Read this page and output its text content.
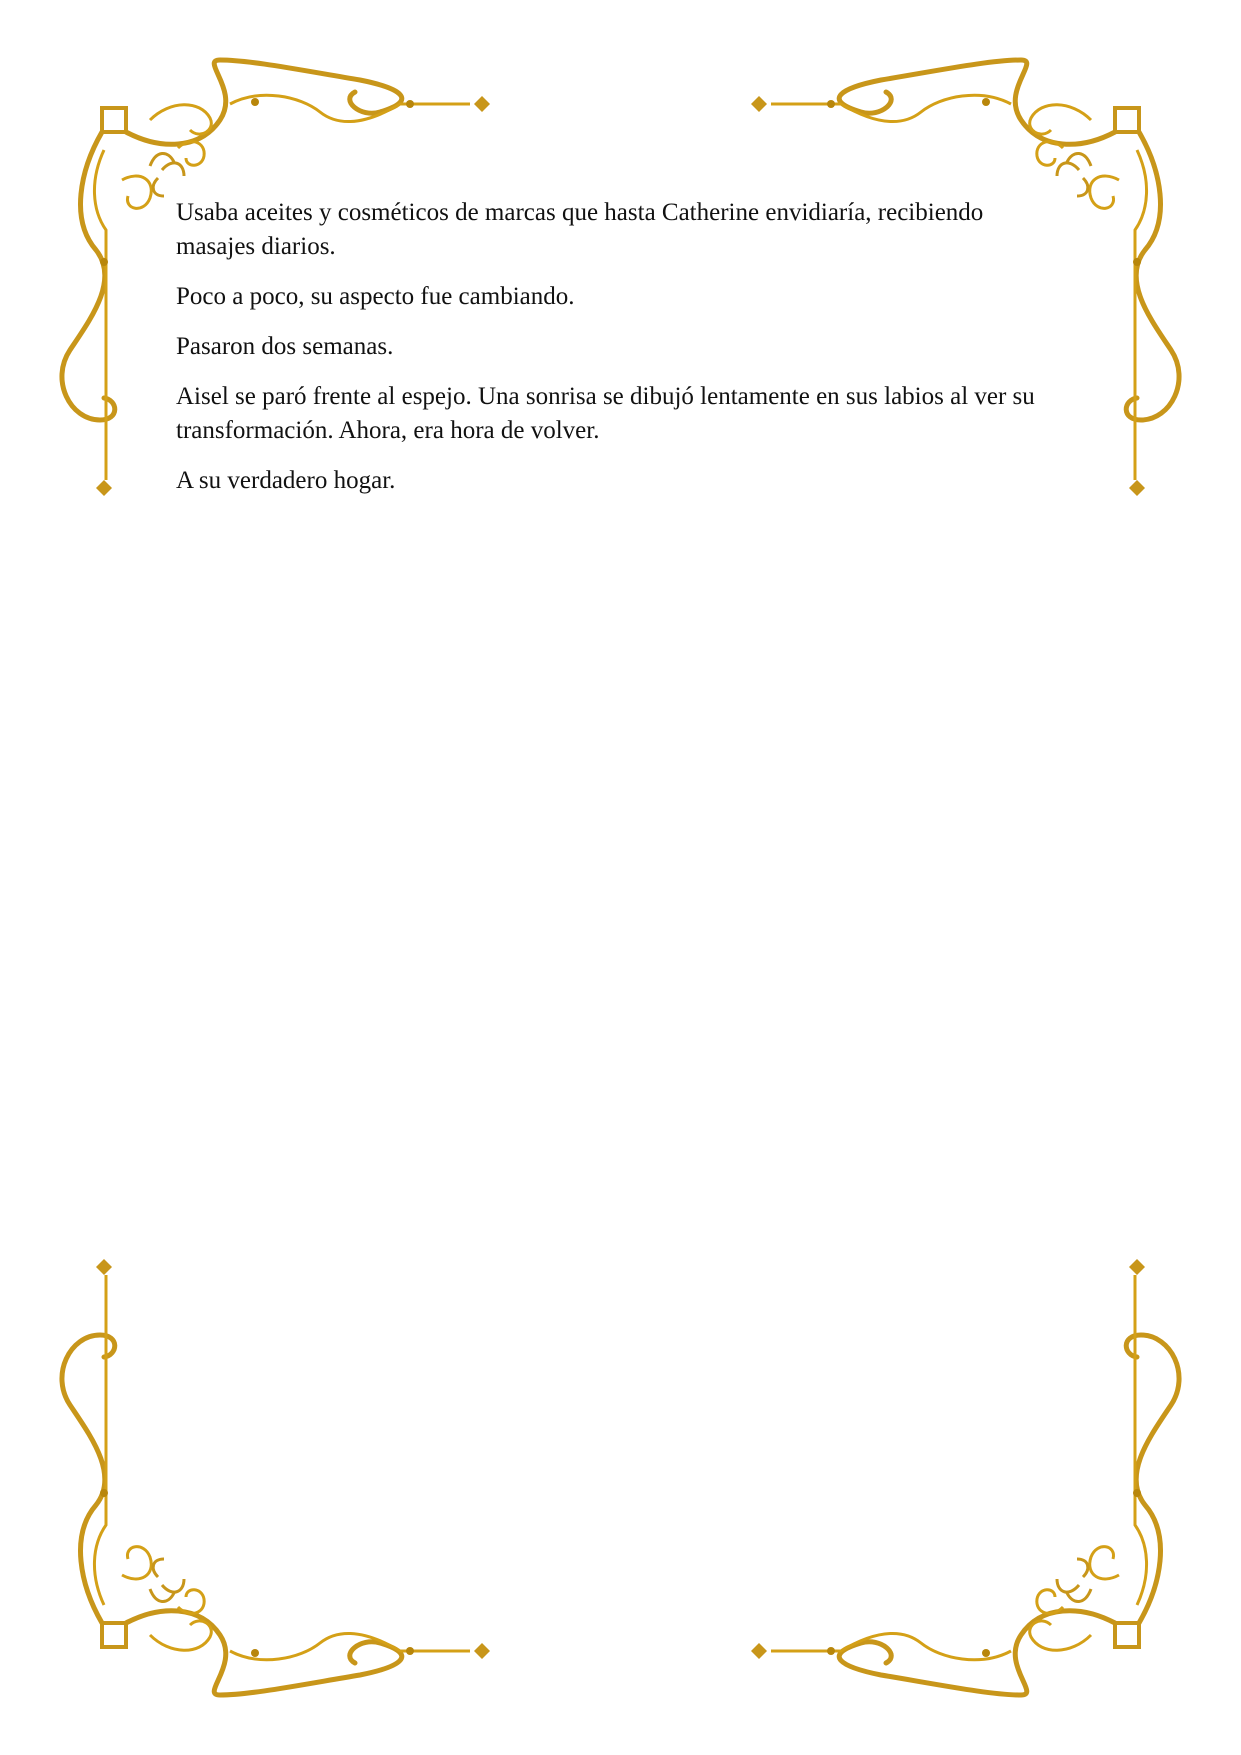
Usaba aceites y cosméticos de marcas que hasta Catherine envidiaría, recibiendo masajes diarios.

Poco a poco, su aspecto fue cambiando.

Pasaron dos semanas.

Aisel se paró frente al espejo. Una sonrisa se dibujó lentamente en sus labios al ver su transformación. Ahora, era hora de volver.

A su verdadero hogar.
